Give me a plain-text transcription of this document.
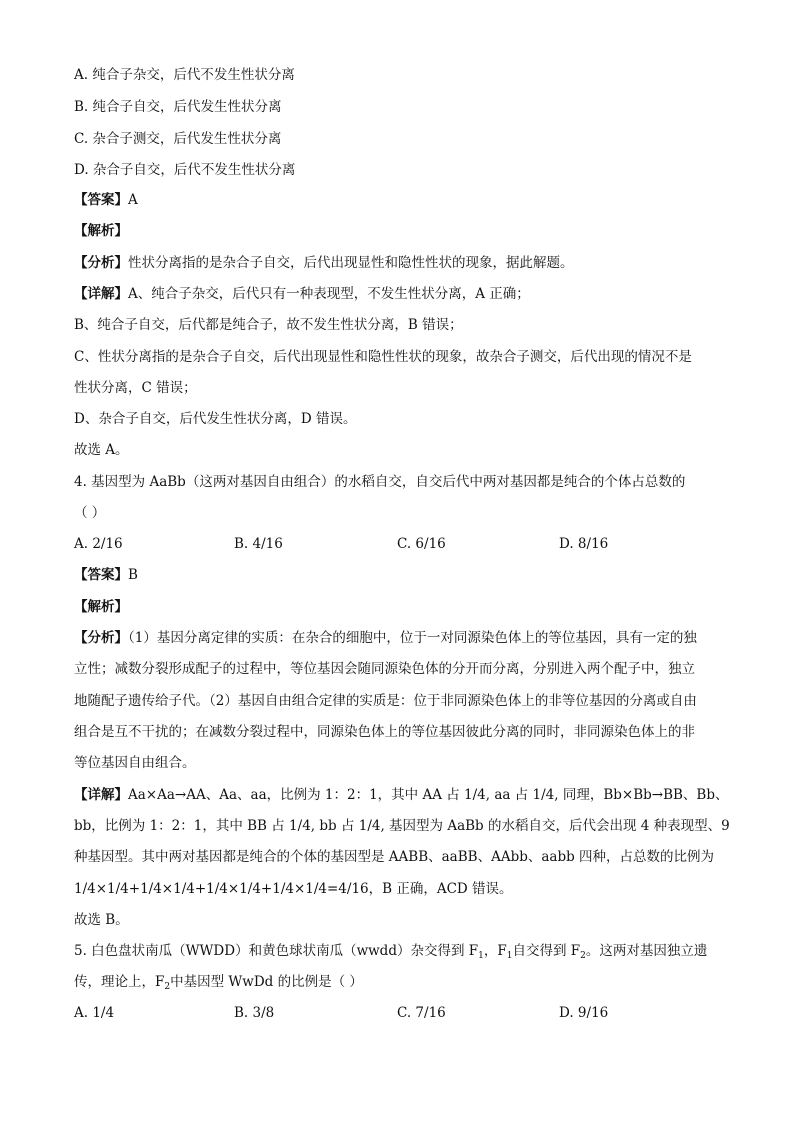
A. 纯合子杂交，后代不发生性状分离
B. 纯合子自交，后代发生性状分离
C. 杂合子测交，后代发生性状分离
D. 杂合子自交，后代不发生性状分离
【答案】A
【解析】
【分析】性状分离指的是杂合子自交，后代出现显性和隐性性状的现象，据此解题。
【详解】A、纯合子杂交，后代只有一种表现型，不发生性状分离，A 正确；
B、纯合子自交，后代都是纯合子，故不发生性状分离，B 错误；
C、性状分离指的是杂合子自交，后代出现显性和隐性性状的现象，故杂合子测交，后代出现的情况不是
性状分离，C 错误；
D、杂合子自交，后代发生性状分离，D 错误。
故选 A。
4. 基因型为 AaBb（这两对基因自由组合）的水稻自交，自交后代中两对基因都是纯合的个体占总数的
（ ）
A. 2/16	B. 4/16	C. 6/16	D. 8/16
【答案】B
【解析】
【分析】（1）基因分离定律的实质：在杂合的细胞中，位于一对同源染色体上的等位基因，具有一定的独
立性；减数分裂形成配子的过程中，等位基因会随同源染色体的分开而分离，分别进入两个配子中，独立
地随配子遗传给子代。（2）基因自由组合定律的实质是：位于非同源染色体上的非等位基因的分离或自由
组合是互不干扰的；在减数分裂过程中，同源染色体上的等位基因彼此分离的同时，非同源染色体上的非
等位基因自由组合。
【详解】Aa×Aa→AA、Aa、aa，比例为 1：2：1，其中 AA 占 1/4, aa 占 1/4, 同理，Bb×Bb→BB、Bb、
bb，比例为 1：2：1，其中 BB 占 1/4, bb 占 1/4, 基因型为 AaBb 的水稻自交，后代会出现 4 种表现型、9
种基因型。其中两对基因都是纯合的个体的基因型是 AABB、aaBB、AAbb、aabb 四种，占总数的比例为
1/4×1/4+1/4×1/4+1/4×1/4+1/4×1/4=4/16，B 正确，ACD 错误。
故选 B。
5. 白色盘状南瓜（WWDD）和黄色球状南瓜（wwdd）杂交得到 $F_1$，$F_1$自交得到 $F_2$。这两对基因独立遗
传，理论上，$F_2$中基因型 WwDd 的比例是（ ）
A. 1/4	B. 3/8	C. 7/16	D. 9/16
